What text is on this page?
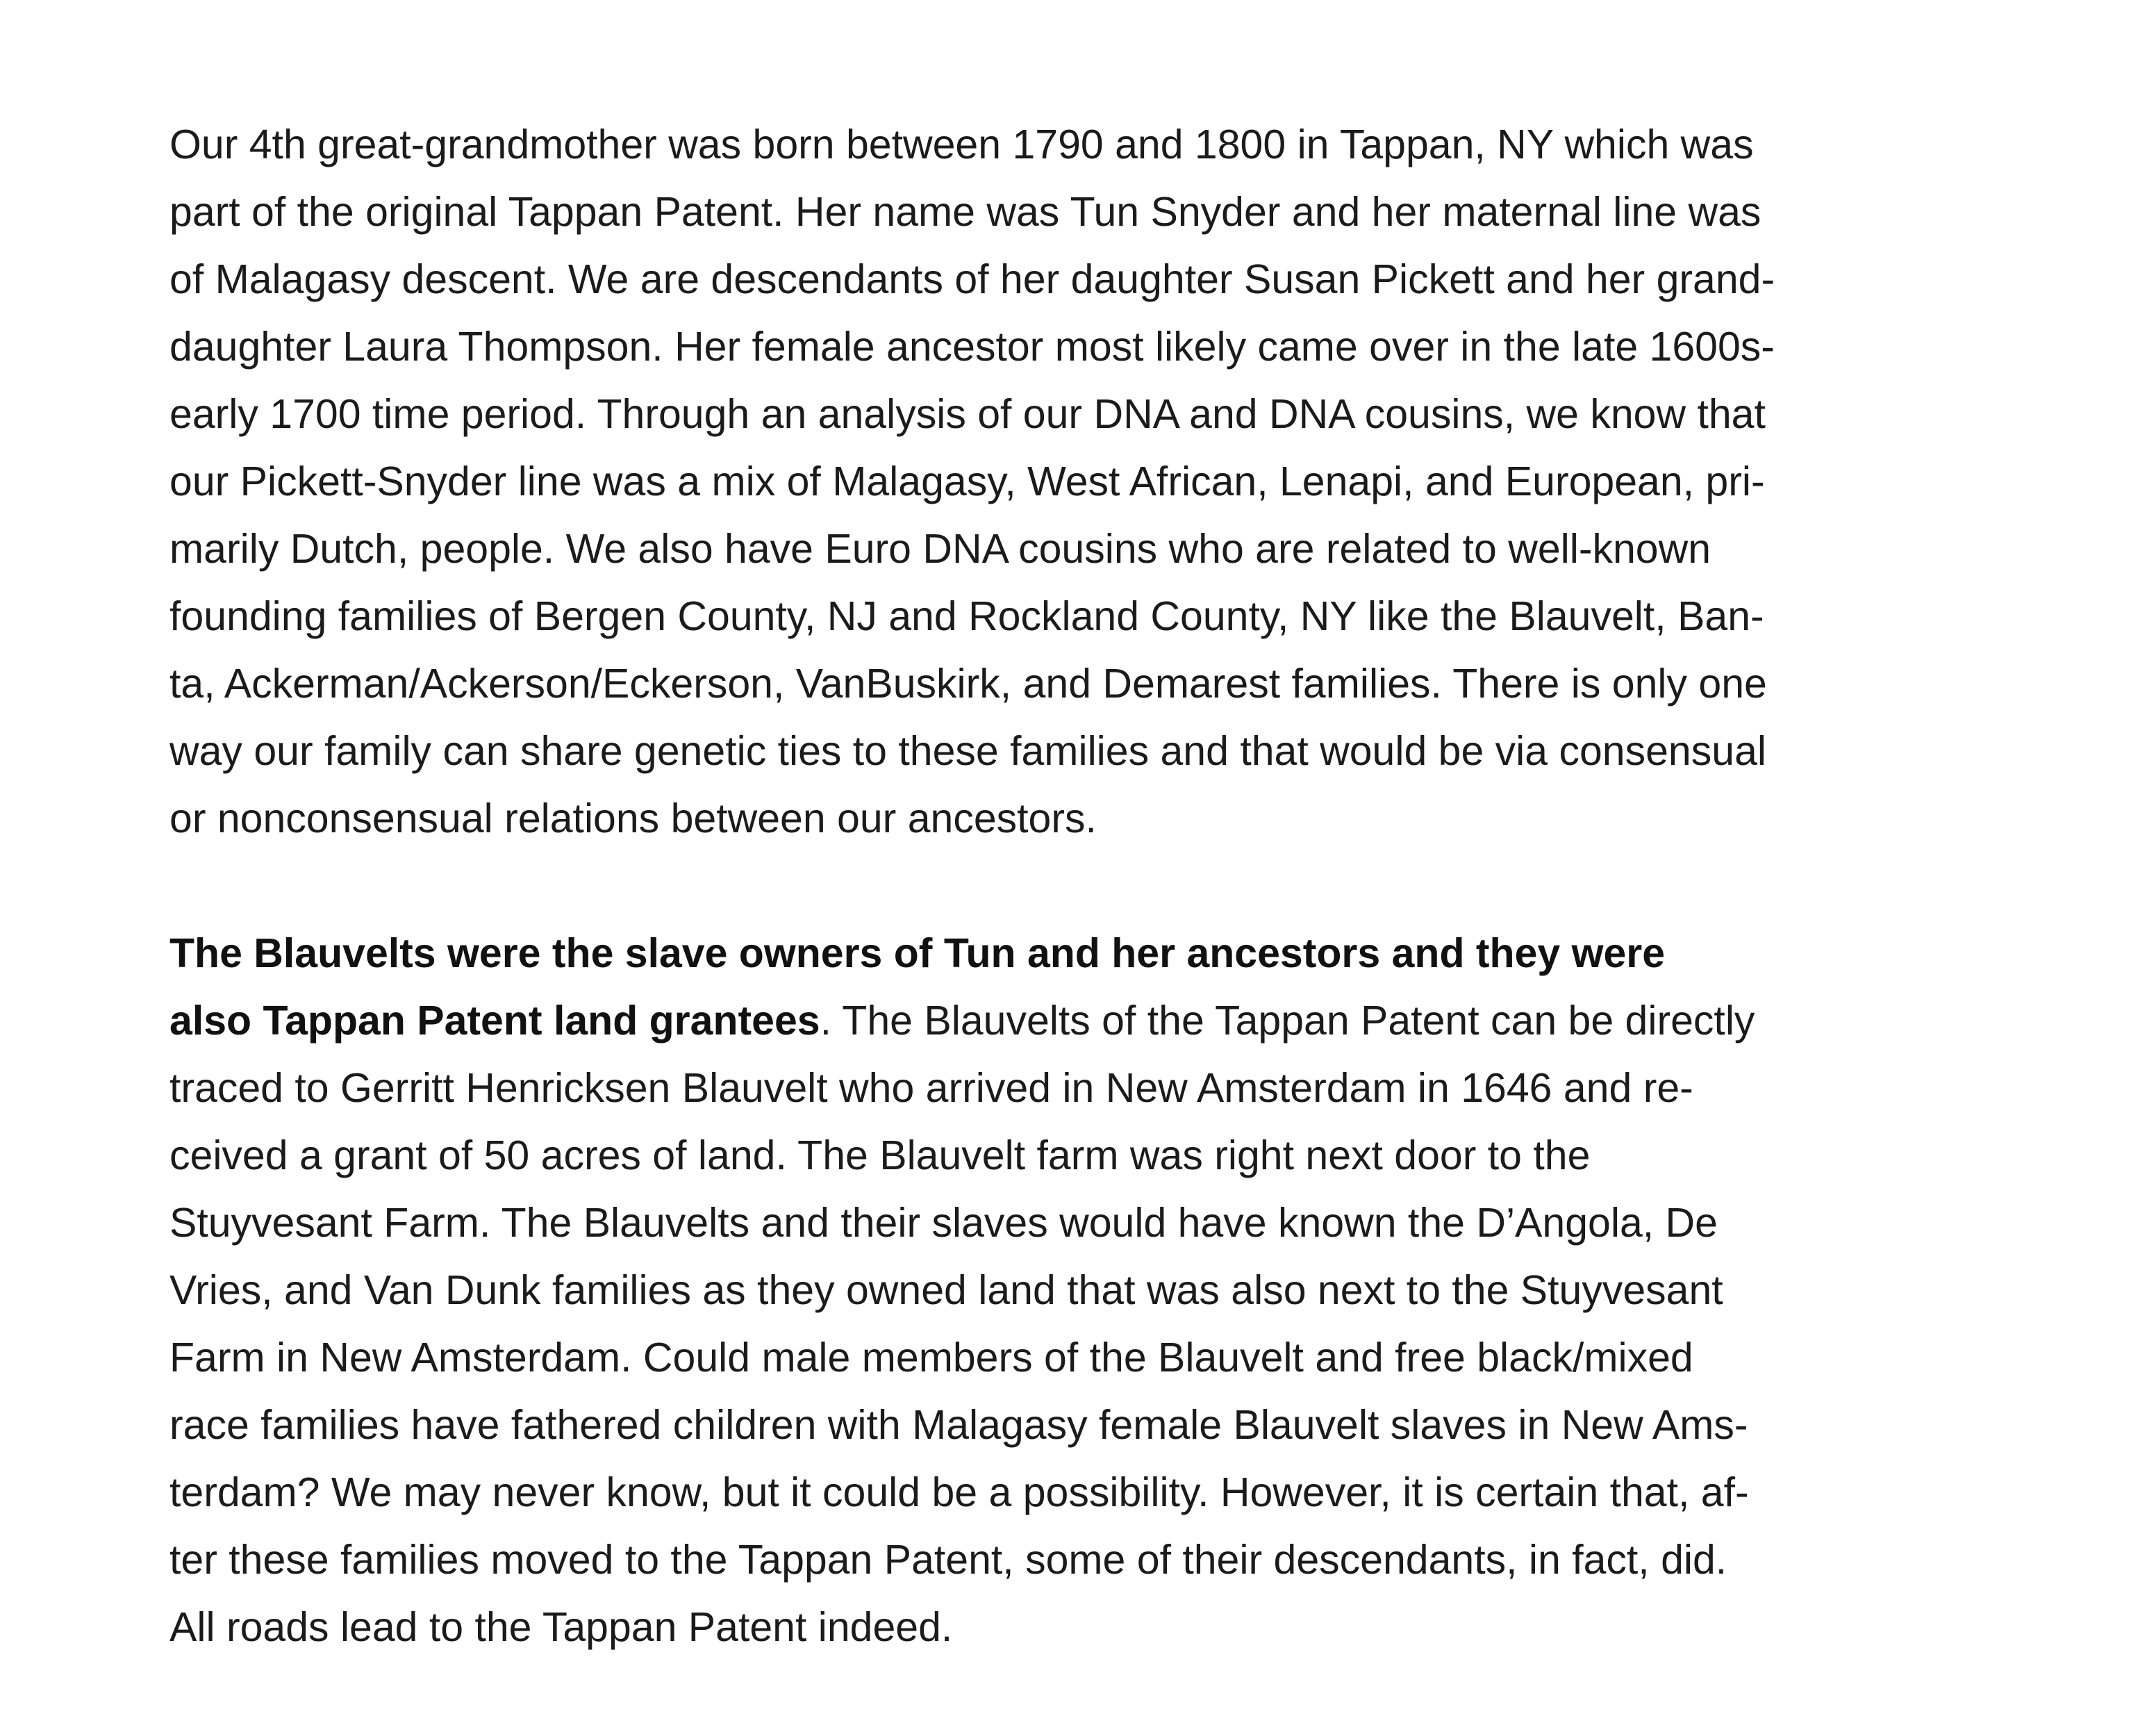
Our 4th great-grandmother was born between 1790 and 1800 in Tappan, NY which was
part of the original Tappan Patent. Her name was Tun Snyder and her maternal line was
of Malagasy descent. We are descendants of her daughter Susan Pickett and her grand-
daughter Laura Thompson. Her female ancestor most likely came over in the late 1600s-
early 1700 time period. Through an analysis of our DNA and DNA cousins, we know that
our Pickett-Snyder line was a mix of Malagasy, West African, Lenapi, and European, pri-
marily Dutch, people. We also have Euro DNA cousins who are related to well-known
founding families of Bergen County, NJ and Rockland County, NY like the Blauvelt, Ban-
ta, Ackerman/Ackerson/Eckerson, VanBuskirk, and Demarest families. There is only one
way our family can share genetic ties to these families and that would be via consensual
or nonconsensual relations between our ancestors.

The Blauvelts were the slave owners of Tun and her ancestors and they were
also Tappan Patent land grantees. The Blauvelts of the Tappan Patent can be directly
traced to Gerritt Henricksen Blauvelt who arrived in New Amsterdam in 1646 and re-
ceived a grant of 50 acres of land. The Blauvelt farm was right next door to the
Stuyvesant Farm. The Blauvelts and their slaves would have known the D’Angola, De
Vries, and Van Dunk families as they owned land that was also next to the Stuyvesant
Farm in New Amsterdam. Could male members of the Blauvelt and free black/mixed
race families have fathered children with Malagasy female Blauvelt slaves in New Ams-
terdam? We may never know, but it could be a possibility. However, it is certain that, af-
ter these families moved to the Tappan Patent, some of their descendants, in fact, did.
All roads lead to the Tappan Patent indeed.
